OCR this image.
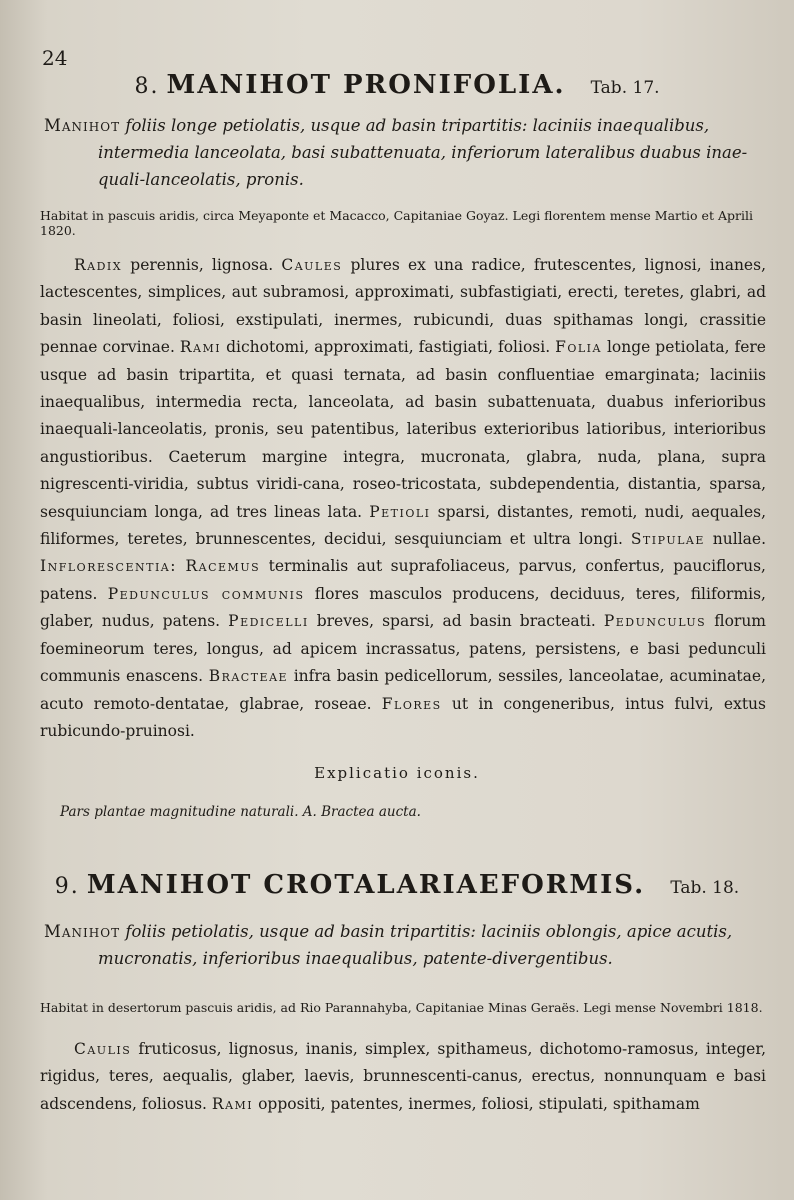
24
8. MANIHOT PRONIFOLIA. Tab. 17.
Manihot foliis longe petiolatis, usque ad basin tripartitis: laciniis inaequalibus,
intermedia lanceolata, basi subattenuata, inferiorum lateralibus duabus inae-
quali-lanceolatis, pronis.
Habitat in pascuis aridis, circa Meyaponte et Macacco, Capitaniae Goyaz. Legi florentem mense Martio et Aprili 1820.
Radix perennis, lignosa. Caules plures ex una radice, frutescentes, lignosi, inanes, lactescentes, simplices, aut subramosi, approximati, subfastigiati, erecti, teretes, glabri, ad basin lineolati, foliosi, exstipulati, inermes, rubicundi, duas spithamas longi, crassitie pennae corvinae. Rami dichotomi, approximati, fastigiati, foliosi. Folia longe petiolata, fere usque ad basin tripartita, et quasi ternata, ad basin confluentiae emarginata; laciniis inaequalibus, intermedia recta, lanceolata, ad basin subattenuata, duabus inferioribus inaequali-lanceolatis, pronis, seu patentibus, lateribus exterioribus latioribus, interioribus angustioribus. Caeterum margine integra, mucronata, glabra, nuda, plana, supra nigrescenti-viridia, subtus viridi-cana, roseo-tricostata, subdependentia, distantia, sparsa, sesquiunciam longa, ad tres lineas lata. Petioli sparsi, distantes, remoti, nudi, aequales, filiformes, teretes, brunnescentes, decidui, sesquiunciam et ultra longi. Stipulae nullae. Inflorescentia: Racemus terminalis aut suprafoliaceus, parvus, confertus, pauciflorus, patens. Pedunculus communis flores masculos producens, deciduus, teres, filiformis, glaber, nudus, patens. Pedicelli breves, sparsi, ad basin bracteati. Pedunculus florum foemineorum teres, longus, ad apicem incrassatus, patens, persistens, e basi pedunculi communis enascens. Bracteae infra basin pedicellorum, sessiles, lanceolatae, acuminatae, acuto remoto-dentatae, glabrae, roseae. Flores ut in congeneribus, intus fulvi, extus rubicundo-pruinosi.
Explicatio iconis.
Pars plantae magnitudine naturali. A. Bractea aucta.
9. MANIHOT CROTALARIAEFORMIS. Tab. 18.
Manihot foliis petiolatis, usque ad basin tripartitis: laciniis oblongis, apice acutis,
mucronatis, inferioribus inaequalibus, patente-divergentibus.
Habitat in desertorum pascuis aridis, ad Rio Parannahyba, Capitaniae Minas Geraës. Legi mense Novembri 1818.
Caulis fruticosus, lignosus, inanis, simplex, spithameus, dichotomo-ramosus, integer, rigidus, teres, aequalis, glaber, laevis, brunnescenti-canus, erectus, nonnunquam e basi adscendens, foliosus. Rami oppositi, patentes, inermes, foliosi, stipulati, spithamam
